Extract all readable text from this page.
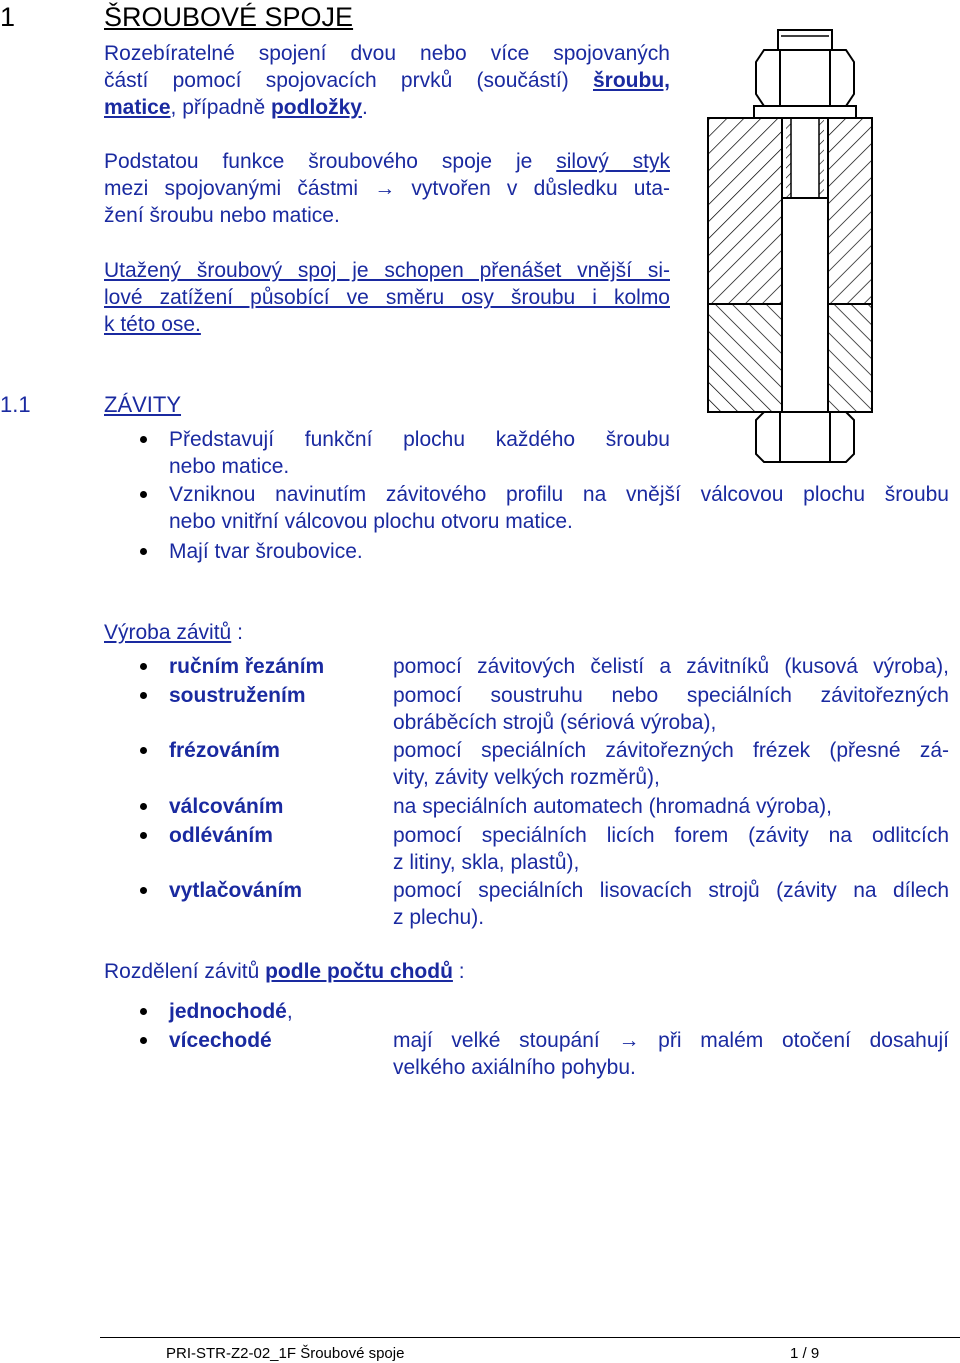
1	ŠROUBOVÉ SPOJE
Rozebíratelné spojení dvou nebo více spojovaných
částí pomocí spojovacích prvků (součástí) šroubu,
matice, případně podložky.
Podstatou funkce šroubového spoje je silový styk
mezi spojovanými částmi → vytvořen v důsledku uta-
žení šroubu nebo matice.
Utažený šroubový spoj je schopen přenášet vnější si-
lové zatížení působící ve směru osy šroubu i kolmo
k této ose.
1.1	ZÁVITY
Představují funkční plochu každého šroubu
nebo matice.
Vzniknou navinutím závitového profilu na vnější válcovou plochu šroubu
nebo vnitřní válcovou plochu otvoru matice.
Mají tvar šroubovice.
Výroba závitů :
ručním řezáním	pomocí závitových čelistí a závitníků (kusová výroba),
soustružením	pomocí soustruhu nebo speciálních závitořezných
obráběcích strojů (sériová výroba),
frézováním	pomocí speciálních závitořezných frézek (přesné zá-
vity, závity velkých rozměrů),
válcováním	na speciálních automatech (hromadná výroba),
odléváním	pomocí speciálních licích forem (závity na odlitcích
z litiny, skla, plastů),
vytlačováním	pomocí speciálních lisovacích strojů (závity na dílech
z plechu).
Rozdělení závitů podle počtu chodů :
jednochodé,
vícechodé	mají velké stoupání → při malém otočení dosahují
velkého axiálního pohybu.
PRI-STR-Z2-02_1F Šroubové spoje	1 / 9
